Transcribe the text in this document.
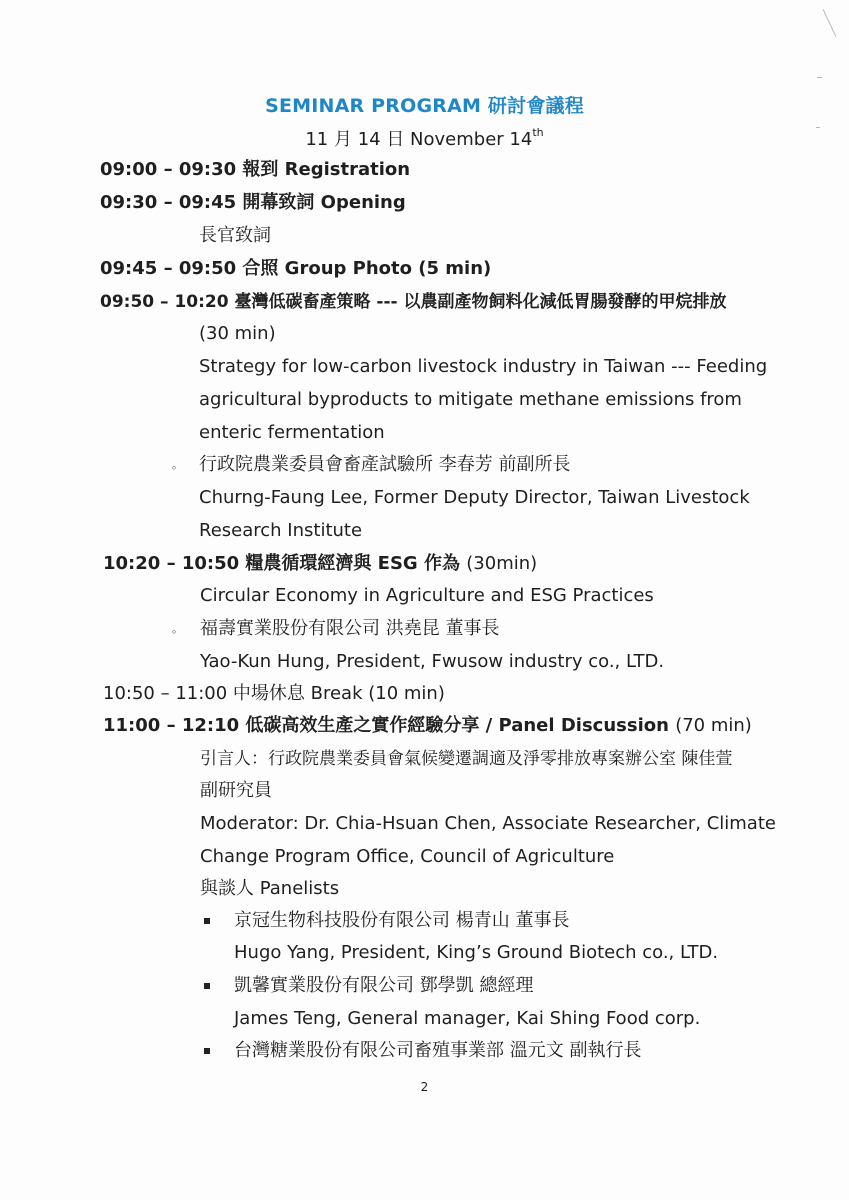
SEMINAR PROGRAM 研討會議程
11 月 14 日 November 14th
09:00 – 09:30 報到 Registration
09:30 – 09:45 開幕致詞 Opening
長官致詞
09:45 – 09:50 合照 Group Photo (5 min)
09:50 – 10:20 臺灣低碳畜產策略 --- 以農副產物飼料化減低胃腸發酵的甲烷排放
(30 min)
Strategy for low-carbon livestock industry in Taiwan --- Feeding
agricultural byproducts to mitigate methane emissions from
enteric fermentation
。 行政院農業委員會畜產試驗所 李春芳 前副所長
Churng-Faung Lee, Former Deputy Director, Taiwan Livestock
Research Institute
10:20 – 10:50 糧農循環經濟與 ESG 作為 (30min)
Circular Economy in Agriculture and ESG Practices
。 福壽實業股份有限公司 洪堯昆 董事長
Yao-Kun Hung, President, Fwusow industry co., LTD.
10:50 – 11:00 中場休息 Break (10 min)
11:00 – 12:10 低碳高效生產之實作經驗分享 / Panel Discussion (70 min)
引言人：行政院農業委員會氣候變遷調適及淨零排放專案辦公室 陳佳萱
副研究員
Moderator: Dr. Chia-Hsuan Chen, Associate Researcher, Climate
Change Program Office, Council of Agriculture
與談人 Panelists
京冠生物科技股份有限公司 楊青山 董事長
Hugo Yang, President, King’s Ground Biotech co., LTD.
凱馨實業股份有限公司 鄧學凱 總經理
James Teng, General manager, Kai Shing Food corp.
台灣糖業股份有限公司畜殖事業部 溫元文 副執行長
2
